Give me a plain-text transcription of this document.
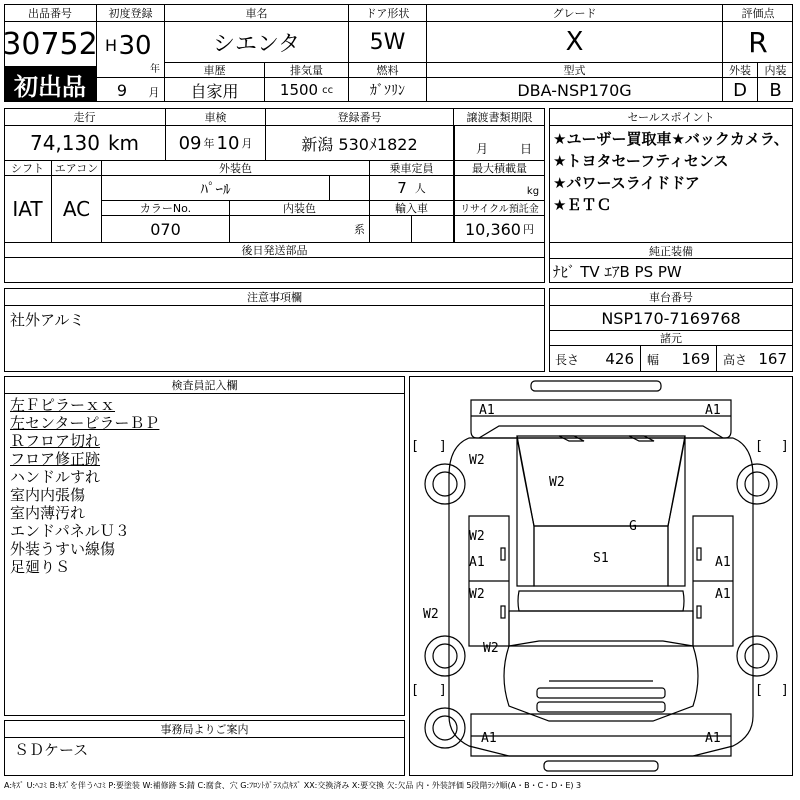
出品番号
30752
初出品
初度登録
H 30
年
9	月
車名
シエンタ
ドア形状
5W
グレード
X
評価点
R
車歴
自家用
排気量
1500 cc
燃料
ｶﾞｿﾘﾝ
型式
DBA-NSP170G
外装
D
内装
B
走行
74,130 km
車検
09 年 10 月
登録番号
新潟 530ﾒ1822
譲渡書類期限
月	日
シフト
IAT
エアコン
AC
外装色
ﾊﾟｰﾙ
乗車定員
7 人
最大積載量
kg
カラーNo.
070
内装色
系
輸入車	リサイクル預託金
10,360 円
後日発送部品
セールスポイント
★ユーザー買取車★バックカメラ、
★トヨタセーフティセンス
★パワースライドドア
★ＥＴＣ
純正装備
ﾅﾋﾞ TV ｴｱB PS PW
注意事項欄
社外アルミ
車台番号
NSP170-7169768
諸元
長さ 426 幅 169 高さ 167
検査員記入欄
左Ｆピラーｘｘ
左センターピラーＢＰ
Ｒフロア切れ
フロア修正跡
ハンドルすれ
室内内張傷
室内薄汚れ
エンドパネルＵ３
外装うすい線傷
足廻りＳ
事務局よりご案内
ＳＤケース
A1	A1
W2
W2
W2
A1
G
S1	A1
W2	A1
W2
W2
A1	A1
[ ]	[ ]
[ ]	[ ]
A:ｷｽﾞ U:ﾍｺﾐ B:ｷｽﾞを伴うﾍｺﾐ P:要塗装 W:補修跡 S:錆 C:腐食、穴 G:ﾌﾛﾝﾄｶﾞﾗｽ点ｷｽﾞ XX:交換済み X:要交換 欠:欠品 内・外装評価 5段階ﾗﾝｸ順(A・B・C・D・E) 3
